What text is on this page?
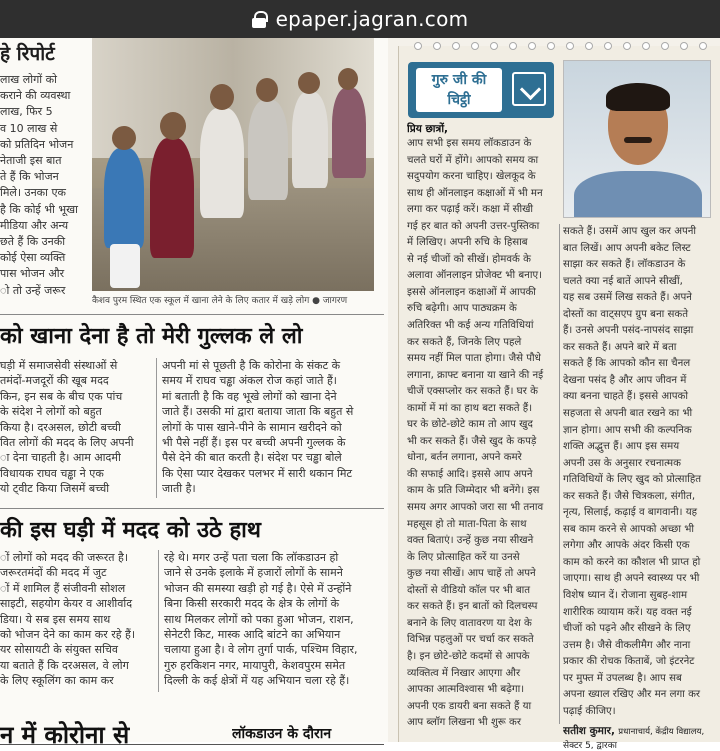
epaper.jagran.com
हे रिपोर्ट

लाख लोगों को

कराने की व्यवस्था

लाख, फिर 5

व 10 लाख से

को प्रतिदिन भोजन

नेताजी इस बात

ते हैं कि भोजन

मिले। उनका एक

है कि कोई भी भूखा

मीडिया और अन्य

छते हैं कि उनकी

कोई ऐसा व्यक्ति

पास भोजन और

ो तो उन्हें जरूर

कैशव पुरम स्थित एक स्कूल में खाना लेने के लिए कतार में खड़े लोग ● जागरण
को खाना देना है तो मेरी गुल्लक ले लो

घड़ी में समाजसेवी संस्थाओं से

तमंदों-मजदूरों की खूब मदद

किन, इन सब के बीच एक पांच

के संदेश ने लोगों को बहुत

किया है। दरअसल, छोटी बच्ची

वित लोगों की मदद के लिए अपनी

ा देना चाहती है। आम आदमी

विधायक राघव चड्ढा ने एक

यो ट्वीट किया जिसमें बच्ची

अपनी मां से पूछती है कि कोरोना के संकट के

समय में राघव चड्ढा अंकल रोज कहां जाते हैं।

मां बताती है कि वह भूखे लोगों को खाना देने

जाते हैं। उसकी मां द्वारा बताया जाता कि बहुत से

लोगों के पास खाने-पीने के सामान खरीदने को

भी पैसे नहीं हैं। इस पर बच्ची अपनी गुल्लक के

पैसे देने की बात करती है। संदेश पर चड्ढा बोले

कि ऐसा प्यार देखकर पलभर में सारी थकान मिट

जाती है।

की इस घड़ी में मदद को उठे हाथ

ों लोगों को मदद की जरूरत है।

जरूरतमंदों की मदद में जुट

ों में शामिल हैं संजीवनी सोशल

साइटी, सहयोग केयर व आशीर्वाद

डिया। ये सब इस समय साथ

को भोजन देने का काम कर रहे हैं।

यर सोसायटी के संयुक्त सचिव

या बताते हैं कि दरअसल, वे लोग

के लिए स्कूलिंग का काम कर

रहे थे। मगर उन्हें पता चला कि लॉकडाउन हो

जाने से उनके इलाके में हजारों लोगों के सामने

भोजन की समस्या खड़ी हो गई है। ऐसे में उन्होंने

बिना किसी सरकारी मदद के क्षेत्र के लोगों के

साथ मिलकर लोगों को पका हुआ भोजन, राशन,

सेनेटरी किट, मास्क आदि बांटने का अभियान

चलाया हुआ है। वे लोग तुर्गा पार्क, पश्चिम विहार,

गुरु हरकिशन नगर, मायापुरी, केशवपुरम समेत

दिल्ली के कई क्षेत्रों में यह अभियान चला रहे हैं।

न में कोरोना से	लॉकडाउन के दौरान
गुरु जी की
चिट्ठी
प्रिय छात्रों,

आप सभी इस समय लॉकडाउन के

चलते घरों में होंगे। आपको समय का

सदुपयोग करना चाहिए। खेलकूद के

साथ ही ऑनलाइन कक्षाओं में भी मन

लगा कर पढ़ाई करें। कक्षा में सीखी

गई हर बात को अपनी उत्तर-पुस्तिका

में लिखिए। अपनी रुचि के हिसाब

से नई चीजों को सीखें। होमवर्क के

अलावा ऑनलाइन प्रोजेक्ट भी बनाए।

इससे ऑनलाइन कक्षाओं में आपकी

रुचि बढ़ेगी। आप पाठ्यक्रम के

अतिरिक्त भी कई अन्य गतिविधियां

कर सकते हैं, जिनके लिए पहले

समय नहीं मिल पाता होगा। जैसे पौधे

लगाना, क्राफ्ट बनाना या खाने की नई

चीजें एक्सप्लोर कर सकते हैं। घर के

कामों में मां का हाथ बटा सकते हैं।

घर के छोटे-छोटे काम तो आप खुद

भी कर सकते हैं। जैसे खुद के कपड़े

धोना, बर्तन लगाना, अपने कमरे

की सफाई आदि। इससे आप अपने

काम के प्रति जिम्मेदार भी बनेंगे। इस

समय अगर आपको जरा सा भी तनाव

महसूस हो तो माता-पिता के साथ

वक्त बिताएं। उन्हें कुछ नया सीखने

के लिए प्रोत्साहित करें या उनसे

कुछ नया सीखें। आप चाहें तो अपने

दोस्तों से वीडियो कॉल पर भी बात

कर सकते हैं। इन बातों को दिलचस्प

बनाने के लिए वातावरण या देश के

विभिन्न पहलुओं पर चर्चा कर सकते

है। इन छोटे-छोटे कदमों से आपके

व्यक्तित्व में निखार आएगा और

आपका आत्मविश्वास भी बढ़ेगा।

अपनी एक डायरी बना सकते हैं या

आप ब्लॉग लिखना भी शुरू कर

सकते हैं। उसमें आप खुल कर अपनी

बात लिखें। आप अपनी बकेट लिस्ट

साझा कर सकते हैं। लॉकडाउन के

चलते क्या नई बातें आपने सीखीं,

यह सब उसमें लिख सकते हैं। अपने

दोस्तों का वाट्सएप ग्रुप बना सकते

हैं। उनसे अपनी पसंद-नापसंद साझा

कर सकते हैं। अपने बारे में बता

सकते हैं कि आपको कौन सा चैनल

देखना पसंद है और आप जीवन में

क्या बनना चाहते हैं। इससे आपको

सहजता से अपनी बात रखने का भी

ज्ञान होगा। आप सभी की कल्पनिक

शक्ति अद्भुत्त हैं। आप इस समय

अपनी उस के अनुसार रचनात्मक

गतिविधियों के लिए खुद को प्रोत्साहित

कर सकते हैं। जैसे चित्रकला, संगीत,

नृत्य, सिलाई, कढ़ाई व बागवानी। यह

सब काम करने से आपको अच्छा भी

लगेगा और आपके अंदर किसी एक

काम को करने का कौशल भी प्राप्त हो

जाएगा। साथ ही अपने स्वास्थ्य पर भी

विशेष ध्यान दें। रोजाना सुबह-शाम

शारीरिक व्यायाम करें। यह वक्त नई

चीजों को पढ़ने और सीखने के लिए

उत्तम है। जैसे वीकलीमैग और नाना

प्रकार की रोचक किताबें, जो इंटरनेट

पर मुफ्त में उपलब्ध है। आप सब

अपना ख्याल रखिए और मन लगा कर

पढ़ाई कीजिए।

सतीश कुमार, प्रधानाचार्य, केंद्रीय विद्यालय,
सेक्टर 5, द्वारका
